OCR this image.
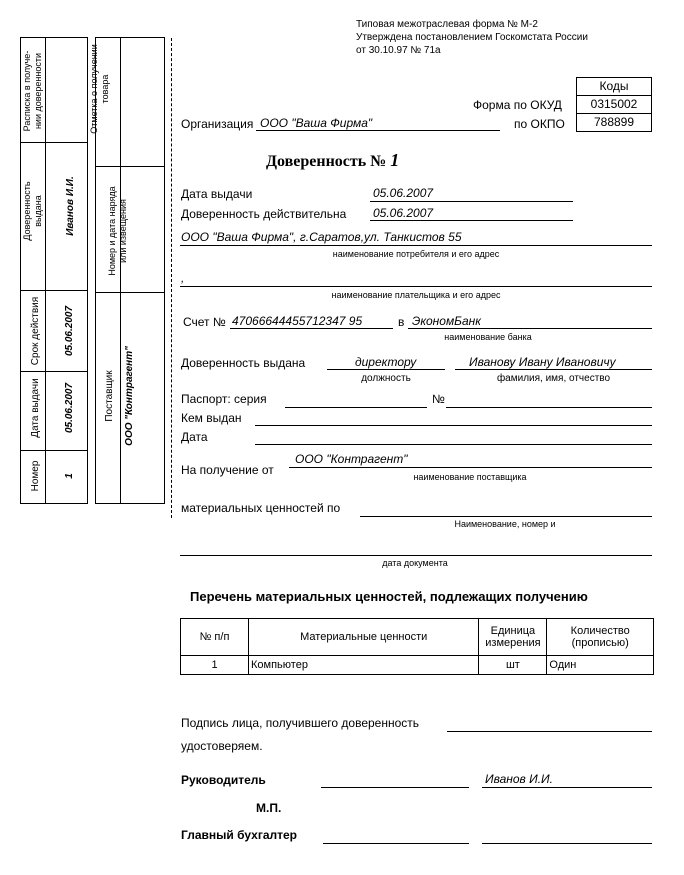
Расписка в получе-
нии доверенности
Доверенность
выдана Иванов И.И.
Срок действия 05.06.2007
Дата выдачи 05.06.2007
Номер 1
Отметка о получении
товара
Номер и дата наряда
или извещения
Поставщик ООО "Контрагент"
Типовая межотраслевая форма № М-2
Утверждена постановлением Госкомстата России
от 30.10.97 № 71а
Коды
0315002
788899
Форма по ОКУД
по ОКПО
Организация ООО "Ваша Фирма"
Доверенность № 1
Дата выдачи	05.06.2007
Доверенность действительна 05.06.2007
ООО "Ваша Фирма", г.Саратов,ул. Танкистов 55
наименование потребителя и его адрес
,
наименование плательщика и его адрес
Счет № 47066644455712347 95	в ЭкономБанк
наименование банка
Доверенность выдана	директору	Иванову Ивану Ивановичу
должность	фамилия, имя, отчество
Паспорт: серия	№
Кем выдан
Дата
На получение от
ООО "Контрагент"
наименование поставщика
материальных ценностей по
Наименование, номер и
дата документа
Перечень материальных ценностей, подлежащих получению
№ п/п	Материальные ценности	Единица измерения	Количество (прописью)
1	Компьютер	шт	Один
Подпись лица, получившего доверенность
удостоверяем.
Руководитель	Иванов И.И.
М.П.
Главный бухгалтер
